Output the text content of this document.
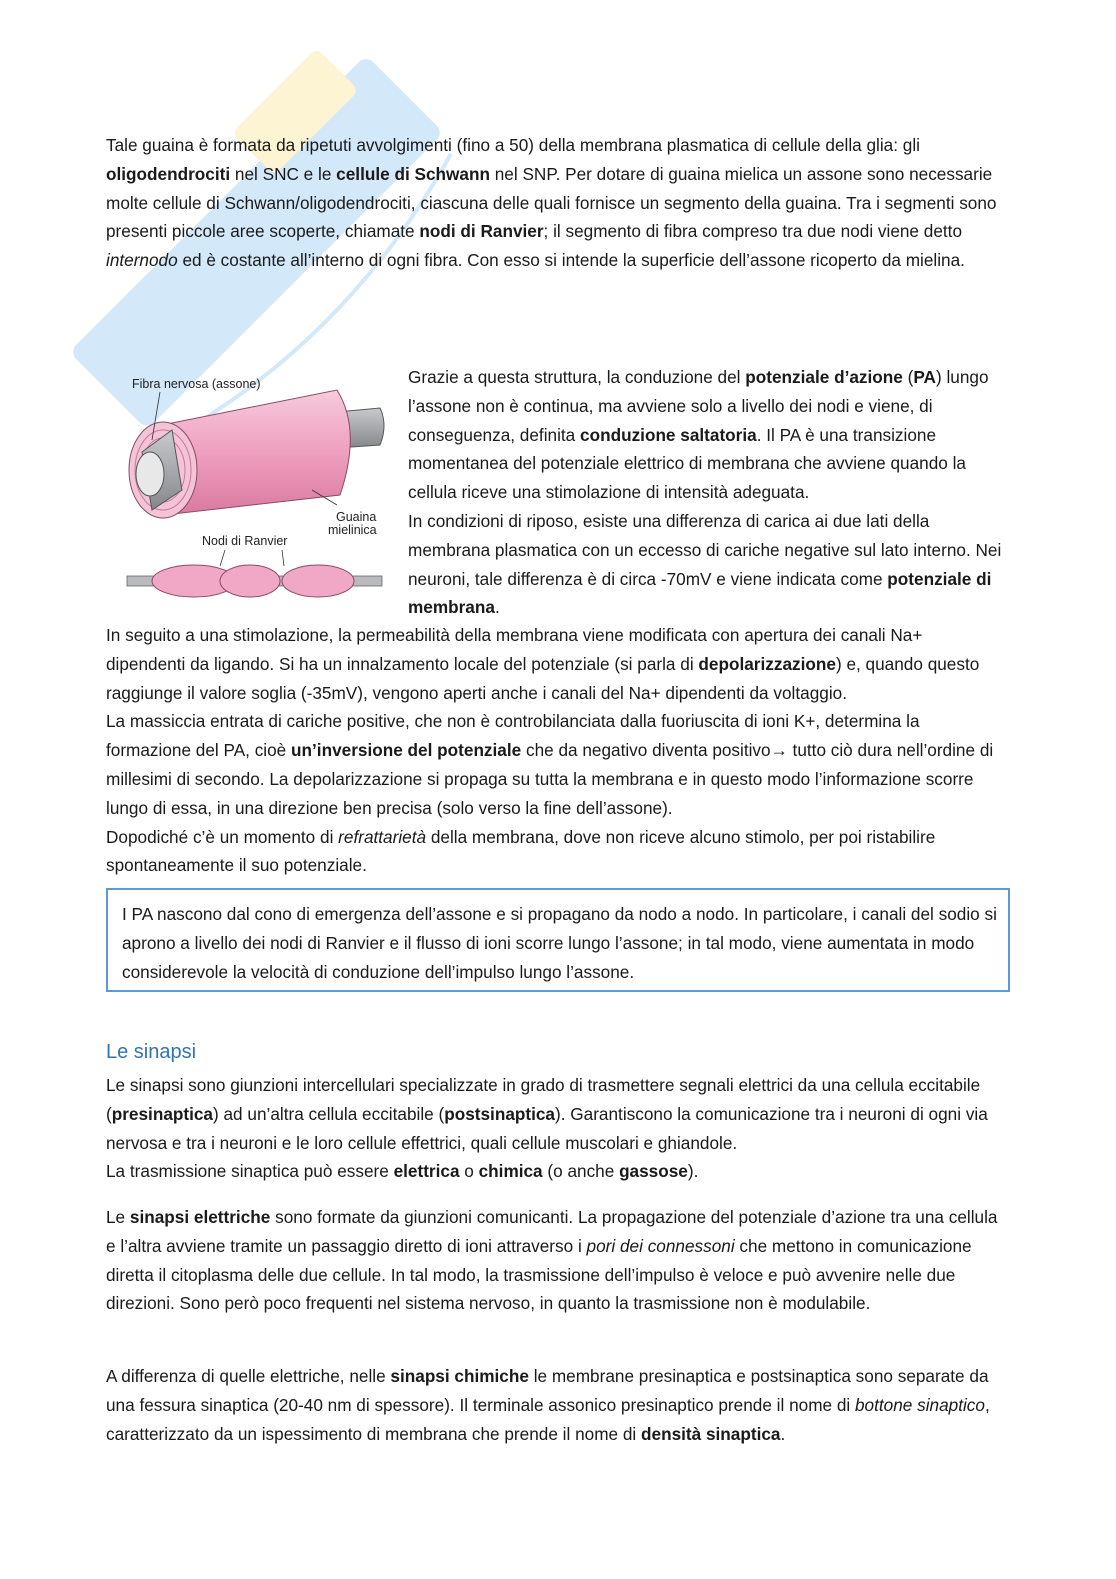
Tale guaina è formata da ripetuti avvolgimenti (fino a 50) della membrana plasmatica di cellule della glia: gli oligodendrociti nel SNC e le cellule di Schwann nel SNP. Per dotare di guaina mielica un assone sono necessarie molte cellule di Schwann/oligodendrociti, ciascuna delle quali fornisce un segmento della guaina. Tra i segmenti sono presenti piccole aree scoperte, chiamate nodi di Ranvier; il segmento di fibra compreso tra due nodi viene detto internodo ed è costante all’interno di ogni fibra. Con esso si intende la superficie dell’assone ricoperto da mielina.

Fibra nervosa (assone)
Guaina
mielinica
Nodi di Ranvier

Grazie a questa struttura, la conduzione del potenziale d’azione (PA) lungo l’assone non è continua, ma avviene solo a livello dei nodi e viene, di conseguenza, definita conduzione saltatoria. Il PA è una transizione momentanea del potenziale elettrico di membrana che avviene quando la cellula riceve una stimolazione di intensità adeguata.

In condizioni di riposo, esiste una differenza di carica ai due lati della membrana plasmatica con un eccesso di cariche negative sul lato interno. Nei neuroni, tale differenza è di circa -70mV e viene indicata come potenziale di membrana.

In seguito a una stimolazione, la permeabilità della membrana viene modificata con apertura dei canali Na+ dipendenti da ligando. Si ha un innalzamento locale del potenziale (si parla di depolarizzazione) e, quando questo raggiunge il valore soglia (-35mV), vengono aperti anche i canali del Na+ dipendenti da voltaggio.

La massiccia entrata di cariche positive, che non è controbilanciata dalla fuoriuscita di ioni K+, determina la formazione del PA, cioè un’inversione del potenziale che da negativo diventa positivo→ tutto ciò dura nell’ordine di millesimi di secondo. La depolarizzazione si propaga su tutta la membrana e in questo modo l’informazione scorre lungo di essa, in una direzione ben precisa (solo verso la fine dell’assone).

Dopodiché c’è un momento di refrattarietà della membrana, dove non riceve alcuno stimolo, per poi ristabilire spontaneamente il suo potenziale.

I PA nascono dal cono di emergenza dell’assone e si propagano da nodo a nodo. In particolare, i canali del sodio si aprono a livello dei nodi di Ranvier e il flusso di ioni scorre lungo l’assone; in tal modo, viene aumentata in modo considerevole la velocità di conduzione dell’impulso lungo l’assone.
Le sinapsi

Le sinapsi sono giunzioni intercellulari specializzate in grado di trasmettere segnali elettrici da una cellula eccitabile (presinaptica) ad un’altra cellula eccitabile (postsinaptica). Garantiscono la comunicazione tra i neuroni di ogni via nervosa e tra i neuroni e le loro cellule effettrici, quali cellule muscolari e ghiandole.

La trasmissione sinaptica può essere elettrica o chimica (o anche gassose).

Le sinapsi elettriche sono formate da giunzioni comunicanti. La propagazione del potenziale d’azione tra una cellula e l’altra avviene tramite un passaggio diretto di ioni attraverso i pori dei connessoni che mettono in comunicazione diretta il citoplasma delle due cellule. In tal modo, la trasmissione dell’impulso è veloce e può avvenire nelle due direzioni. Sono però poco frequenti nel sistema nervoso, in quanto la trasmissione non è modulabile.

A differenza di quelle elettriche, nelle sinapsi chimiche le membrane presinaptica e postsinaptica sono separate da una fessura sinaptica (20-40 nm di spessore). Il terminale assonico presinaptico prende il nome di bottone sinaptico, caratterizzato da un ispessimento di membrana che prende il nome di densità sinaptica.
